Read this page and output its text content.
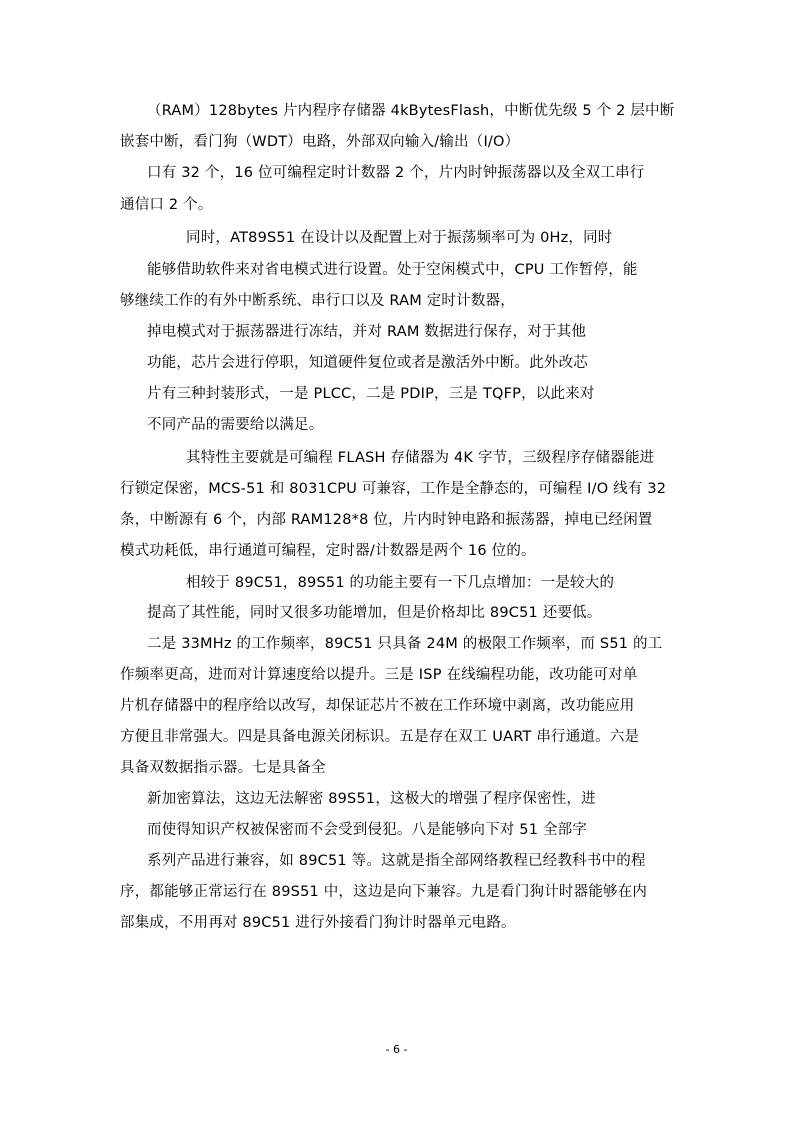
（RAM）128bytes 片内程序存储器 4kBytesFlash，中断优先级 5 个 2 层中断
嵌套中断，看门狗（WDT）电路，外部双向输入/输出（I/O）
口有 32 个，16 位可编程定时计数器 2 个，片内时钟振荡器以及全双工串行
通信口 2 个。
同时，AT89S51 在设计以及配置上对于振荡频率可为 0Hz，同时
能够借助软件来对省电模式进行设置。处于空闲模式中，CPU 工作暂停，能
够继续工作的有外中断系统、串行口以及 RAM 定时计数器，
掉电模式对于振荡器进行冻结，并对 RAM 数据进行保存，对于其他
功能，芯片会进行停职，知道硬件复位或者是激活外中断。此外改芯
片有三种封装形式，一是 PLCC，二是 PDIP，三是 TQFP，以此来对
不同产品的需要给以满足。
其特性主要就是可编程 FLASH 存储器为 4K 字节，三级程序存储器能进
行锁定保密，MCS-51 和 8031CPU 可兼容，工作是全静态的，可编程 I/O 线有 32
条，中断源有 6 个，内部 RAM128*8 位，片内时钟电路和振荡器，掉电已经闲置
模式功耗低，串行通道可编程，定时器/计数器是两个 16 位的。
相较于 89C51，89S51 的功能主要有一下几点增加：一是较大的
提高了其性能，同时又很多功能增加，但是价格却比 89C51 还要低。
二是 33MHz 的工作频率，89C51 只具备 24M 的极限工作频率，而 S51 的工
作频率更高，进而对计算速度给以提升。三是 ISP 在线编程功能，改功能可对单
片机存储器中的程序给以改写，却保证芯片不被在工作环境中剥离，改功能应用
方便且非常强大。四是具备电源关闭标识。五是存在双工 UART 串行通道。六是
具备双数据指示器。七是具备全
新加密算法，这边无法解密 89S51，这极大的增强了程序保密性，进
而使得知识产权被保密而不会受到侵犯。八是能够向下对 51 全部字
系列产品进行兼容，如 89C51 等。这就是指全部网络教程已经教科书中的程
序，都能够正常运行在 89S51 中，这边是向下兼容。九是看门狗计时器能够在内
部集成，不用再对 89C51 进行外接看门狗计时器单元电路。
- 6 -
